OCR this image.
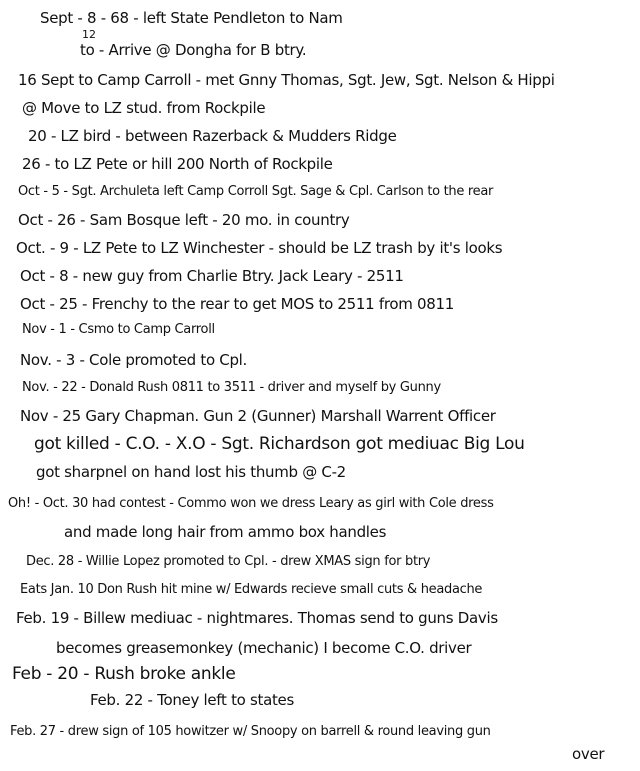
Sept - 8 - 68 - left State Pendleton to Nam
12
to - Arrive @ Dongha for B btry.
16 Sept to Camp Carroll - met Gnny Thomas, Sgt. Jew, Sgt. Nelson & Hippi
@ Move to LZ stud. from Rockpile
20 - LZ bird - between Razerback & Mudders Ridge
26 - to LZ Pete or hill 200 North of Rockpile
Oct - 5 - Sgt. Archuleta left Camp Corroll Sgt. Sage & Cpl. Carlson to the rear
Oct - 26 - Sam Bosque left - 20 mo. in country
Oct. - 9 - LZ Pete to LZ Winchester - should be LZ trash by it's looks
Oct - 8 - new guy from Charlie Btry. Jack Leary - 2511
Oct - 25 - Frenchy to the rear to get MOS to 2511 from 0811
Nov - 1 - Csmo to Camp Carroll
Nov. - 3 - Cole promoted to Cpl.
Nov. - 22 - Donald Rush 0811 to 3511 - driver and myself by Gunny
Nov - 25 Gary Chapman. Gun 2 (Gunner) Marshall Warrent Officer
got killed - C.O. - X.O - Sgt. Richardson got mediuac Big Lou
got sharpnel on hand lost his thumb @ C-2
Oh! - Oct. 30 had contest - Commo won we dress Leary as girl with Cole dress
and made long hair from ammo box handles
Dec. 28 - Willie Lopez promoted to Cpl. - drew XMAS sign for btry
Eats Jan. 10 Don Rush hit mine w/ Edwards recieve small cuts & headache
Feb. 19 - Billew mediuac - nightmares. Thomas send to guns Davis
becomes greasemonkey (mechanic) I become C.O. driver
Feb - 20 - Rush broke ankle
Feb. 22 - Toney left to states
Feb. 27 - drew sign of 105 howitzer w/ Snoopy on barrell & round leaving gun
over
